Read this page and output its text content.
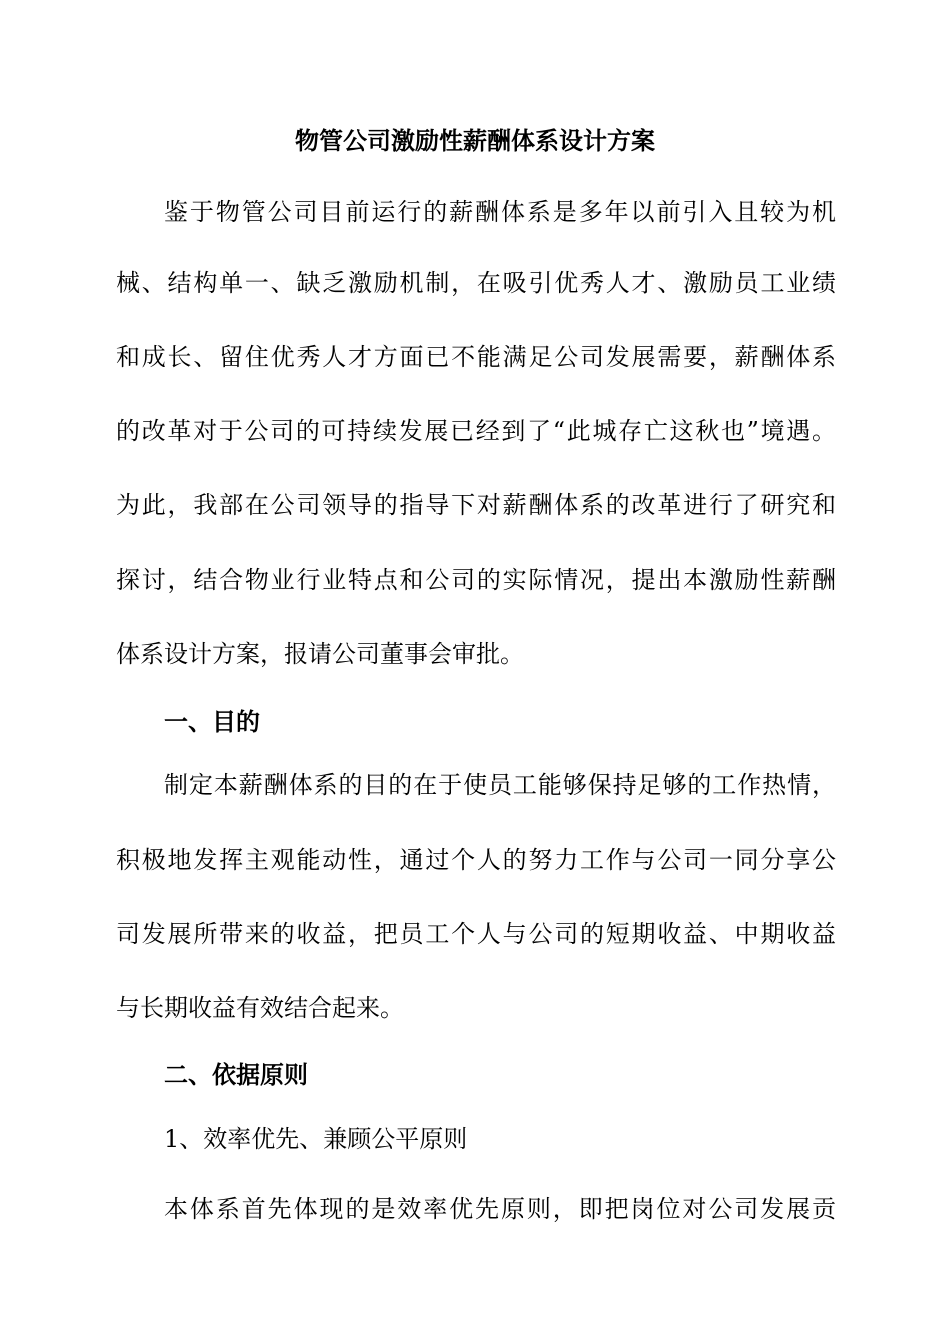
物管公司激励性薪酬体系设计方案
鉴于物管公司目前运行的薪酬体系是多年以前引入且较为机
械、结构单一、缺乏激励机制，在吸引优秀人才、激励员工业绩
和成长、留住优秀人才方面已不能满足公司发展需要，薪酬体系
的改革对于公司的可持续发展已经到了“此城存亡这秋也”境遇。
为此，我部在公司领导的指导下对薪酬体系的改革进行了研究和
探讨，结合物业行业特点和公司的实际情况，提出本激励性薪酬
体系设计方案，报请公司董事会审批。
一、目的
制定本薪酬体系的目的在于使员工能够保持足够的工作热情，
积极地发挥主观能动性，通过个人的努力工作与公司一同分享公
司发展所带来的收益，把员工个人与公司的短期收益、中期收益
与长期收益有效结合起来。
二、依据原则
1、效率优先、兼顾公平原则
本体系首先体现的是效率优先原则，即把岗位对公司发展贡
